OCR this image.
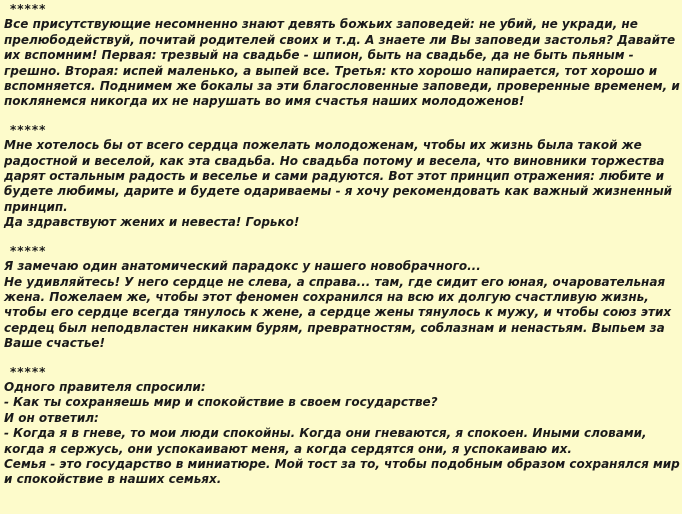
*****
Все присутствующие несомненно знают девять божьих заповедей: не убий, не укради, не
прелюбодействуй, почитай родителей своих и т.д. А знаете ли Вы заповеди застолья? Давайте
их вспомним! Первая: трезвый на свадьбе - шпион, быть на свадьбе, да не быть пьяным -
грешно. Вторая: испей маленько, а выпей все. Третья: кто хорошо напирается, тот хорошо и
вспомняется. Поднимем же бокалы за эти благословенные заповеди, проверенные временем, и
поклянемся никогда их не нарушать во имя счастья наших молодоженов!
*****
Мне хотелось бы от всего сердца пожелать молодоженам, чтобы их жизнь была такой же
радостной и веселой, как эта свадьба. Но свадьба потому и весела, что виновники торжества
дарят остальным радость и веселье и сами радуются. Вот этот принцип отражения: любите и
будете любимы, дарите и будете одариваемы - я хочу рекомендовать как важный жизненный
принцип.
Да здравствуют жених и невеста! Горько!
*****
Я замечаю один анатомический парадокс у нашего новобрачного...
Не удивляйтесь! У него сердце не слева, а справа... там, где сидит его юная, очаровательная
жена. Пожелаем же, чтобы этот феномен сохранился на всю их долгую счастливую жизнь,
чтобы его сердце всегда тянулось к жене, а сердце жены тянулось к мужу, и чтобы союз этих
сердец был неподвластен никаким бурям, превратностям, соблазнам и ненастьям. Выпьем за
Ваше счастье!
*****
Одного правителя спросили:
- Как ты сохраняешь мир и спокойствие в своем государстве?
И он ответил:
- Когда я в гневе, то мои люди спокойны. Когда они гневаются, я спокоен. Иными словами,
когда я сержусь, они успокаивают меня, а когда сердятся они, я успокаиваю их.
Семья - это государство в миниатюре. Мой тост за то, чтобы подобным образом сохранялся мир
и спокойствие в наших семьях.
